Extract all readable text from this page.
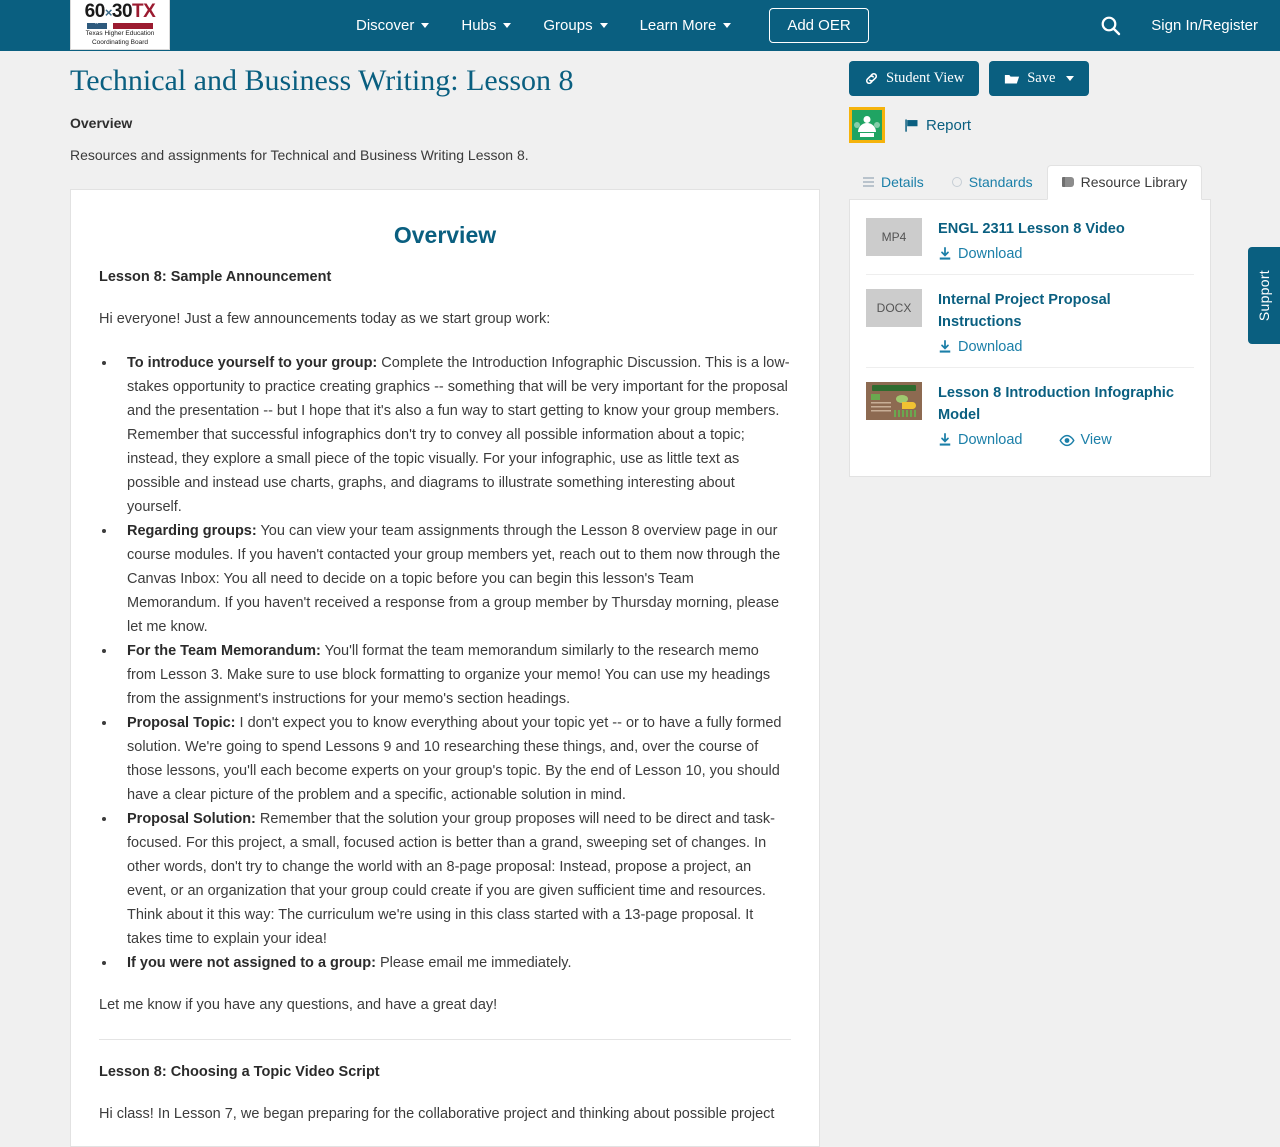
60×30TX
★
Texas Higher Education
Coordinating Board
Discover	Hubs	Groups	Learn More	Add OER	Sign In/Register
Technical and Business Writing: Lesson 8
Overview
Resources and assignments for Technical and Business Writing Lesson 8.
Overview
Lesson 8: Sample Announcement
Hi everyone! Just a few announcements today as we start group work:
• To introduce yourself to your group: Complete the Introduction Infographic Discussion. This is a low-stakes opportunity to practice creating graphics -- something that will be very important for the proposal and the presentation -- but I hope that it's also a fun way to start getting to know your group members. Remember that successful infographics don't try to convey all possible information about a topic; instead, they explore a small piece of the topic visually. For your infographic, use as little text as possible and instead use charts, graphs, and diagrams to illustrate something interesting about yourself.
• Regarding groups: You can view your team assignments through the Lesson 8 overview page in our course modules. If you haven't contacted your group members yet, reach out to them now through the Canvas Inbox: You all need to decide on a topic before you can begin this lesson's Team Memorandum. If you haven't received a response from a group member by Thursday morning, please let me know.
• For the Team Memorandum: You'll format the team memorandum similarly to the research memo from Lesson 3. Make sure to use block formatting to organize your memo! You can use my headings from the assignment's instructions for your memo's section headings.
• Proposal Topic: I don't expect you to know everything about your topic yet -- or to have a fully formed solution. We're going to spend Lessons 9 and 10 researching these things, and, over the course of those lessons, you'll each become experts on your group's topic. By the end of Lesson 10, you should have a clear picture of the problem and a specific, actionable solution in mind.
• Proposal Solution: Remember that the solution your group proposes will need to be direct and task-focused. For this project, a small, focused action is better than a grand, sweeping set of changes. In other words, don't try to change the world with an 8-page proposal: Instead, propose a project, an event, or an organization that your group could create if you are given sufficient time and resources. Think about it this way: The curriculum we're using in this class started with a 13-page proposal. It takes time to explain your idea!
• If you were not assigned to a group: Please email me immediately.
Let me know if you have any questions, and have a great day!
Lesson 8: Choosing a Topic Video Script
Hi class! In Lesson 7, we began preparing for the collaborative project and thinking about possible project
Student View	Save
Report
Details	Standards	Resource Library
MP4	ENGL 2311 Lesson 8 Video
Download
DOCX	Internal Project Proposal Instructions
Download
Lesson 8 Introduction Infographic Model
Download	View
Support
